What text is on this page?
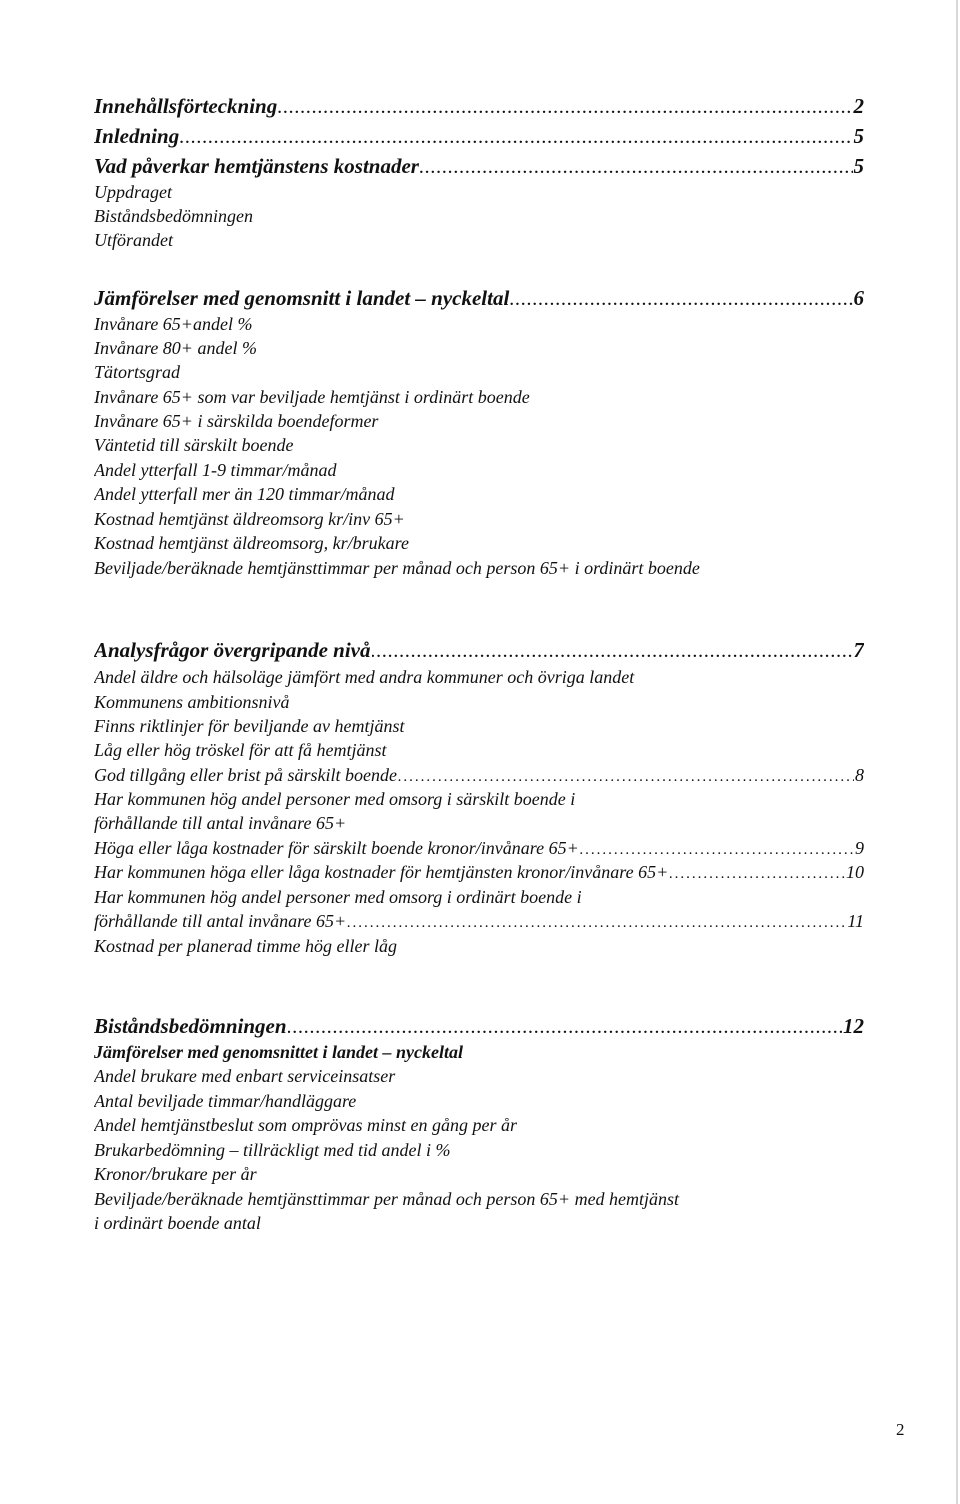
Innehållsförteckning .....	2
Inledning .....	5
Vad påverkar hemtjänstens kostnader .....	5
Uppdraget
Biståndsbedömningen
Utförandet
Jämförelser med genomsnitt i landet – nyckeltal .....	6
Invånare 65+andel %
Invånare 80+ andel %
Tätortsgrad
Invånare 65+ som var beviljade hemtjänst i ordinärt boende
Invånare 65+ i särskilda boendeformer
Väntetid till särskilt boende
Andel ytterfall 1-9 timmar/månad
Andel ytterfall mer än 120 timmar/månad
Kostnad hemtjänst äldreomsorg kr/inv 65+
Kostnad hemtjänst äldreomsorg, kr/brukare
Beviljade/beräknade hemtjänsttimmar per månad och person 65+ i ordinärt boende
Analysfrågor övergripande nivå .....	7
Andel äldre och hälsoläge jämfört med andra kommuner och övriga landet
Kommunens ambitionsnivå
Finns riktlinjer för beviljande av hemtjänst
Låg eller hög tröskel för att få hemtjänst
God tillgång eller brist på särskilt boende .....	8
Har kommunen hög andel personer med omsorg i särskilt boende i
förhållande till antal invånare 65+
Höga eller låga kostnader för särskilt boende kronor/invånare 65+ .....	9
Har kommunen höga eller låga kostnader för hemtjänsten kronor/invånare 65+ .....	10
Har kommunen hög andel personer med omsorg i ordinärt boende i
förhållande till antal invånare 65+ .....	11
Kostnad per planerad timme hög eller låg
Biståndsbedömningen .....	12
Jämförelser med genomsnittet i landet – nyckeltal
Andel brukare med enbart serviceinsatser
Antal beviljade timmar/handläggare
Andel hemtjänstbeslut som omprövas minst en gång per år
Brukarbedömning – tillräckligt med tid andel i %
Kronor/brukare per år
Beviljade/beräknade hemtjänsttimmar per månad och person 65+ med hemtjänst
i ordinärt boende antal
2
